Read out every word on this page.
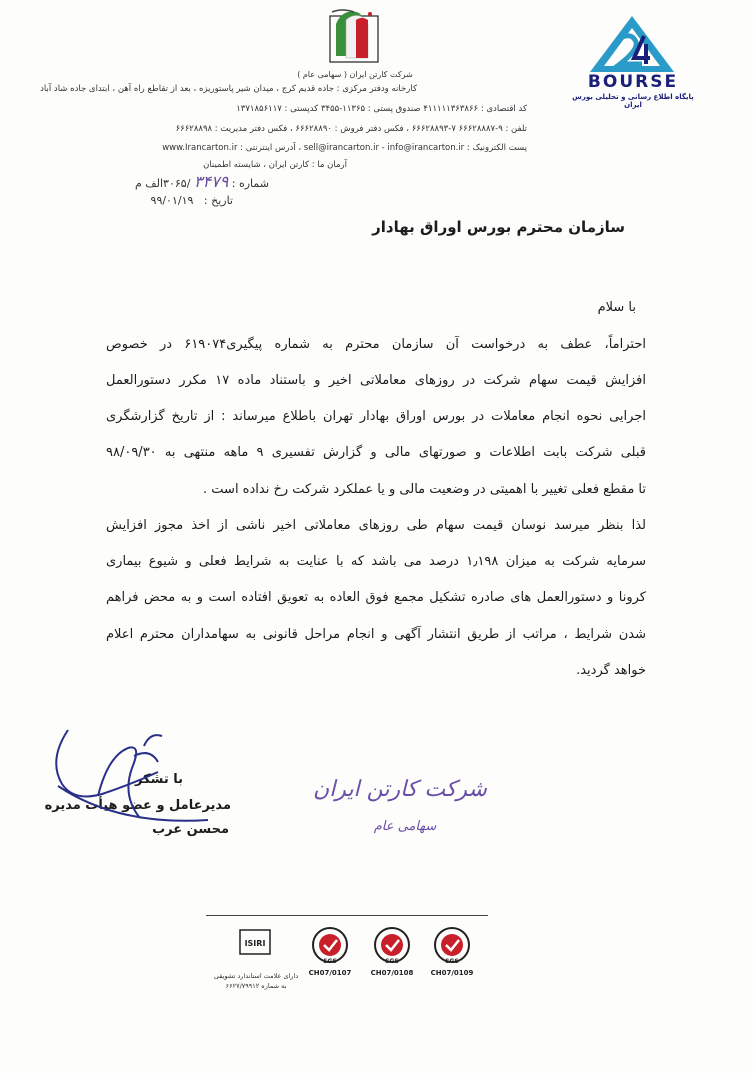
BOURSE
پایگاه اطلاع رسانی و تحلیلی بورس ایران
شرکت کارتن ایران ( سهامی عام )
کارخانه ودفتر مرکزی : جاده قدیم کرج ، میدان شیر پاستوریزه ، بعد از تقاطع راه آهن ، ابتدای جاده شاد آباد
کد اقتصادی : ۴۱۱۱۱۱۳۶۳۸۶۶ صندوق پستی : ۱۱۳۶۵-۳۴۵۵ کدپستی : ۱۳۷۱۸۵۶۱۱۷
تلفن : ۹-۶۶۶۲۸۸۸۷ ۷-۶۶۶۲۸۸۹۳ ، فکس دفتر فروش : ۶۶۶۲۸۸۹۰ ، فکس دفتر مدیریت : ۶۶۶۲۸۸۹۸
پست الکترونیک : sell@irancarton.ir - info@irancarton.ir ، آدرس اینترنتی : www.Irancarton.ir
آرمان ما : کارتن ایران ، شایسته اطمینان
شماره : ۳۴۷۹ /۳۰۶۵الف م
تاریخ :   ۹۹/۰۱/۱۹
سازمان محترم بورس اوراق بهادار
با سلام
احتراماً، عطف به درخواست آن سازمان محترم به شماره پیگیری۶۱۹۰۷۴ در خصوص
افزایش قیمت سهام شرکت در روزهای معاملاتی اخیر و باستناد ماده ۱۷ مکرر دستورالعمل
اجرایی نحوه انجام معاملات در بورس اوراق بهادار تهران باطلاع میرساند : از تاریخ گزارشگری
قبلی شرکت بابت اطلاعات و صورتهای مالی و گزارش تفسیری ۹ ماهه منتهی به ۹۸/۰۹/۳۰
تا مقطع فعلی تغییر با اهمیتی در وضعیت مالی و یا عملکرد شرکت رخ نداده است .
لذا بنظر میرسد نوسان قیمت سهام طی روزهای معاملاتی اخیر ناشی از اخذ مجوز افزایش
سرمایه شرکت به میزان ۱٫۱۹۸ درصد می باشد که با عنایت به شرایط فعلی و شیوع بیماری
کرونا و دستورالعمل های صادره تشکیل مجمع فوق العاده به تعویق افتاده است و به محض فراهم
شدن شرایط ، مراتب از طریق انتشار آگهی و انجام مراحل قانونی به سهامداران محترم اعلام
خواهد گردید.
با تشکر
مدیرعامل و عضو هیأت مدیره
محسن عرب
شرکت کارتن ایران
سهامی عام
SGS
CH07/0109
SGS
CH07/0108
SGS
CH07/0107
ISIRI
دارای علامت استاندارد تشویقی
به شماره ۶۶۲۷/۷۹۹۱۲
